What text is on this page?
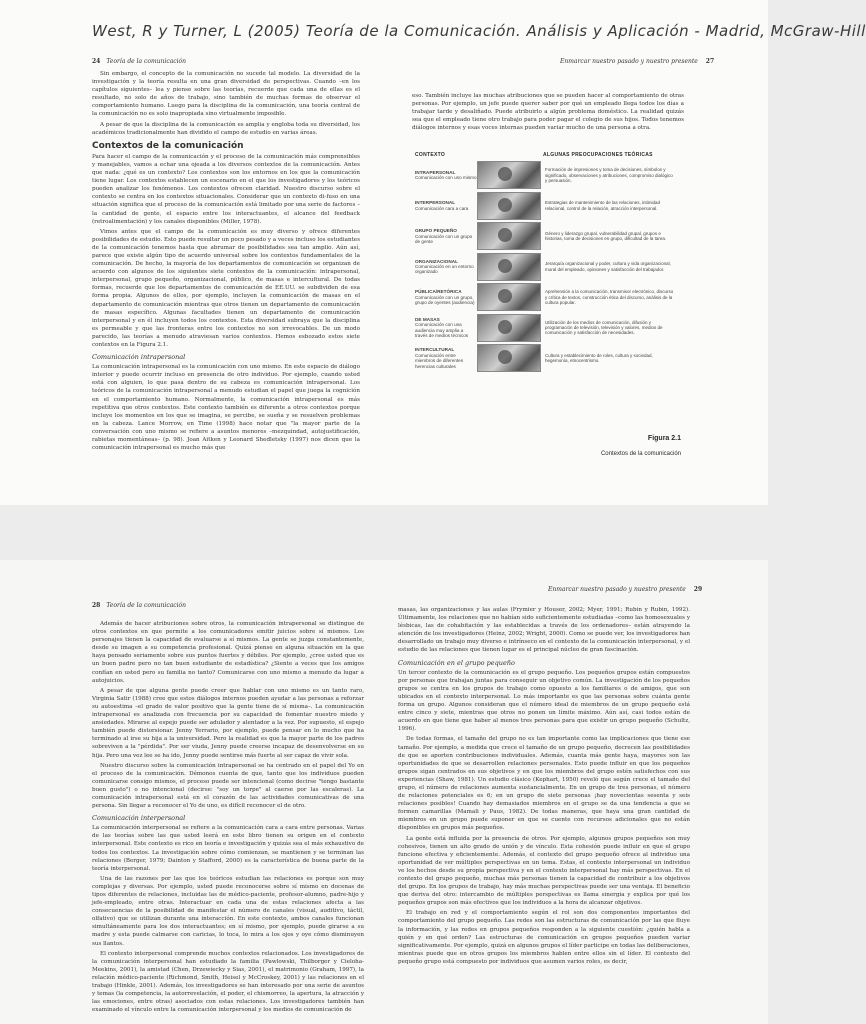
West, R y Turner, L (2005) Teoría de la Comunicación. Análisis y Aplicación - Madrid, McGraw-Hill
24 Teoría de la comunicación

Sin embargo, el concepto de la comunicación no sucede tal modelo. La diversidad de la investigación y la teoría resulta en una gran diversidad de perspectivas. Cuando –en los capítulos siguientes– lea y piense sobre las teorías, recuerde que cada una de ellas es el resultado, no solo de años de trabajo, sino también de muchas formas de observar el comportamiento humano. Luego para la disciplina de la comunicación, una teoría central de la comunicación no es solo inapropiada sino virtualmente imposible.

A pesar de que la disciplina de la comunicación es amplia y engloba toda su diversidad, los académicos tradicionalmente han dividido el campo de estudio en varias áreas.

Contextos de la comunicación

Para hacer el campo de la comunicación y el proceso de la comunicación más comprensibles y manejables, vamos a echar una ojeada a los diversos contextos de la comunicación. Antes que nada: ¿qué es un contexto? Los contextos son los entornos en los que la comunicación tiene lugar. Los contextos establecen un escenario en el que los investigadores y los teóricos pueden analizar los fenómenos. Los contextos ofrecen claridad. Nuestro discurso sobre el contexto se centra en los contextos situacionales. Considerar que un contexto di-fuso en una situación significa que el proceso de la comunicación está limitado por una serie de factores –la cantidad de gente, el espacio entre los interactuantes, el alcance del feedback (retroalimentación) y los canales disponibles (Miller, 1978).

Vimos antes que el campo de la comunicación es muy diverso y ofrece diferentes posibilidades de estudio. Esto puede resultar un poco pesado y a veces incluso los estudiantes de la comunicación tenemos hasta que abrumar de posibilidades sea tan amplio. Aún así, parece que existe algún tipo de acuerdo universal sobre los contextos fundamentales de la comunicación. De hecho, la mayoría de los departamentos de comunicación se organizan de acuerdo con algunos de los siguientes siete contextos de la comunicación: intrapersonal, interpersonal, grupo pequeño, organizacional, público, de masas e intercultural. De todas formas, recuerde que los departamentos de comunicación de EE.UU. se subdividen de esa forma propia. Algunos de ellos, por ejemplo, incluyen la comunicación de masas en el departamento de comunicación mientras que otros tienen un departamento de comunicación de masas específico. Algunas facultades tienen un departamento de comunicación interpersonal y en él incluyen todos los contextos. Esta diversidad subraya que la disciplina es permeable y que las fronteras entre los contextos no son irrevocables. De un modo parecido, las teorías a menudo atraviesan varios contextos. Hemos esbozado estos siete contextos en la Figura 2.1.

Comunicación intrapersonal

La comunicación intrapersonal es la comunicación con uno mismo. En este espacio de diálogo interior y puede ocurrir incluso en presencia de otro individuo. Por ejemplo, cuando usted está con alguien, lo que pasa dentro de su cabeza es comunicación intrapersonal. Los teóricos de la comunicación intrapersonal a menudo estudian el papel que juega la cognición en el comportamiento humano. Normalmente, la comunicación intrapersonal es más repetitiva que otros contextos. Este contexto también es diferente a otros contextos porque incluye los momentos en los que se imagina, se percibe, se sueña y se resuelven problemas en la cabeza. Lance Morrow, en Time (1998) hace notar que "la mayor parte de la conversación con uno mismo se refiere a asuntos menores –mezquindad, autojustificación, rabietas momentáneas– (p. 98). Joan Aitken y Leonard Shedletsky (1997) nos dicen que la comunicación intrapersonal es mucho más que

Enmarcar nuestro pasado y nuestro presente 27

eso. También incluye las muchas atribuciones que se pueden hacer al comportamiento de otras personas. Por ejemplo, un jefe puede querer saber por qué un empleado llega todos los días a trabajar tarde y desaliñado. Puede atribuirlo a algún problema doméstico. La realidad quizás sea que el empleado tiene otro trabajo para poder pagar el colegio de sus hijos. Todos tenemos diálogos internos y esas voces internas pueden variar mucho de una persona a otra.

CONTEXTO	ALGUNAS PREOCUPACIONES TEÓRICAS
INTRAPERSONAL
Comunicación con uno mismo
Formación de impresiones y toma de decisiones, símbolos y significado, observaciones y atribuciones, compromiso dialógico y persuasión.
INTERPERSONAL
Comunicación cara a cara
Estrategias de mantenimiento de las relaciones, intimidad relacional, control de la relación, atracción interpersonal.
GRUPO PEQUEÑO
Comunicación con un grupo de gente
Género y liderazgo grupal, vulnerabilidad grupal, grupos e historias, toma de decisiones en grupo, dificultad de la tarea.
ORGANIZACIONAL
Comunicación en un entorno organizado
Jerarquía organizacional y poder, cultura y vida organizacional, moral del empleado, opiniones y satisfacción del trabajador.
PÚBLICA/RETÓRICA
Comunicación con un grupo, grupo de oyentes (audiencia)
Aprehensión a la comunicación, transmisor electrónico, discurso y crítica de textos, construcción ética del discurso, análisis de la cultura popular.
DE MASAS
Comunicación con una audiencia muy amplia a través de medios técnicos
Utilización de los medios de comunicación, difusión y programación de televisión, televisión y valores, medios de comunicación y satisfacción de necesidades.
INTERCULTURAL
Comunicación entre miembros de diferentes herencias culturales
Cultura y establecimiento de roles, cultura y sociedad, hegemonía, etnocentrismo.
Figura 2.1
Contextos de la comunicación
28 Teoría de la comunicación

Además de hacer atribuciones sobre otros, la comunicación intrapersonal se distingue de otros contextos en que permite a los comunicadores emitir juicios sobre sí mismos. Los personajes tienen la capacidad de evaluarse a sí mismos. La gente se juzga constantemente, desde su imagen a su competencia profesional. Quizá piense en alguna situación en la que haya pensado seriamente sobre sus puntos fuertes y débiles. Por ejemplo, ¿cree usted que es un buen padre pero no tan buen estudiante de estadística? ¿Siente a veces que los amigos confían en usted pero su familia no tanto? Comunicarse con uno mismo a menudo da lugar a autojuicios.

A pesar de que alguna gente puede creer que hablar con uno mismo es un tanto raro, Virginia Satir (1988) cree que estos diálogos internos pueden ayudar a las personas a reforzar su autoestima –el grado de valor positivo que la gente tiene de sí misma–. La comunicación intrapersonal es analizada con frecuencia por su capacidad de fomentar nuestro miedo y ansiedades. Mirarse al espejo puede ser adulador y alentador a la vez. Por supuesto, el espejo también puede distorsionar. Jenny Yerrario, por ejemplo, puede pensar en lo mucho que ha terminado al irse su hija a la universidad. Pero la realidad es que la mayor parte de los padres sobreviven a la "pérdida". Por ser viuda, Jenny puede creerse incapaz de desenvolverse en su hija. Pero una vez lee se ha ido, Jenny puede sentirse más fuerte al ser capaz de vivir sola.

Nuestro discurso sobre la comunicación intrapersonal se ha centrado en el papel del Yo en el proceso de la comunicación. Démonos cuenta de que, tanto que los individuos pueden comunicarse consigo mismos, el proceso puede ser intencional (como decirse "tengo bastante buen gusto") o no intencional (decirse: "soy un torpe" al caerse por las escaleras). La comunicación intrapersonal está en el corazón de las actividades comunicativas de una persona. Sin llegar a reconocer el Yo de uno, es difícil reconocer el de otro.

Comunicación interpersonal

La comunicación interpersonal se refiere a la comunicación cara a cara entre personas. Varias de las teorías sobre las que usted leerá en este libro tienen su origen en el contexto interpersonal. Este contexto es rico en teoría e investigación y quizás sea el más exhaustivo de todos los contextos. La investigación sobre cómo comienzan, se mantienen y se terminan las relaciones (Berger, 1979; Dainton y Stafford, 2000) es la característica de buena parte de la teoría interpersonal.

Una de las razones por las que los teóricos estudian las relaciones es porque son muy complejas y diversas. Por ejemplo, usted puede reconocerse sobre sí mismo en docenas de tipos diferentes de relaciones, incluidas las de médico-paciente, profesor-alumno, padre-hijo y jefe-empleado, entre otras. Interactuar en cada una de estas relaciones afecta a las consecuencias de la posibilidad de manifestar el número de canales (visual, auditivo, táctil, olfativo) que se utilizan durante una interacción. En este contexto, ambos canales funcionan simultáneamente para los dos interactuantes; en sí mismo, por ejemplo, puede girarse a su madre y esta puede calmarse con caricias, lo toca, lo mira a los ojos y oye cómo disminuyen sus llantos.

El contexto interpersonal comprende muchos contextos relacionados. Los investigadores de la comunicación interpersonal han estudiado la familia (Pawlowski, Thilborger y Cieloha-Meekins, 2001), la amistad (Chen, Drzewiecky y Sias, 2001), el matrimonio (Graham, 1997), la relación médico-paciente (Richmond, Smith, Heisel y McCroskey, 2001) y las relaciones en el trabajo (Hinkle, 2001). Además, los investigadores se han interesado por una serie de asuntos y temas (la competencia, la autorrevelación, el poder, el chismorreo, la apertura, la atracción y las emociones, entre otras) asociados con estas relaciones. Los investigadores también han examinado el vínculo entre la comunicación interpersonal y los medios de comunicación de

Enmarcar nuestro pasado y nuestro presente 29

masas, las organizaciones y las aulas (Frymier y Houser, 2002; Myer, 1991; Rubin y Rubin, 1992). Últimamente, los relaciones que no habían sido suficientemente estudiadas –como las homosexuales y lésbicas, las de cohabitación y las establecidas a través de los ordenadores– están atrayendo la atención de los investigadores (Heinz, 2002; Wright, 2000). Como se puede ver, los investigadores han desarrollado un trabajo muy diverso e intrínseco en el contexto de la comunicación interpersonal, y el estudio de las relaciones que tienen lugar es el principal núcleo de gran fascinación.

Comunicación en el grupo pequeño

Un tercer contexto de la comunicación es el grupo pequeño. Los pequeños grupos están compuestos por personas que trabajan juntas para conseguir un objetivo común. La investigación de los pequeños grupos se centra en los grupos de trabajo como opuesto a los familiares o de amigos, que son ubicados en el contexto interpersonal. Lo más importante es que las personas sobre cuánta gente forma un grupo. Algunos consideran que el número ideal de miembros de un grupo pequeño está entre cinco y siete, mientras que otros no ponen un límite máximo. Aún así, casi todos están de acuerdo en que tiene que haber al menos tres personas para que existir un grupo pequeño (Schultz, 1996).

De todas formas, el tamaño del grupo no es tan importante como las implicaciones que tiene ese tamaño. Por ejemplo, a medida que crece el tamaño de un grupo pequeño, decrecen las posibilidades de que se aporten contribuciones individuales. Además, cuanta más gente haya, mayores son las oportunidades de que se desarrollen relaciones personales. Esto puede influir en que los pequeños grupos sigan centrados en sus objetivos y en que los miembros del grupo estén satisfechos con sus experiencias (Shaw, 1981). Un estudio clásico (Kephart, 1950) reveló que según crece el tamaño del grupo, el número de relaciones aumenta sustancialmente. En un grupo de tres personas, el número de relaciones potenciales es 6; en un grupo de siete personas ¡hay novecientas sesenta y seis relaciones posibles! Cuando hay demasiados miembros en el grupo se da una tendencia a que se formen camarillas (Mamali y Paus, 1982). De todas maneras, que haya una gran cantidad de miembros en un grupo puede suponer en que se cuente con recursos adicionales que no están disponibles en grupos más pequeños.

La gente está influida por la presencia de otros. Por ejemplo, algunos grupos pequeños son muy cohesivos, tienen un alto grado de unión y de vínculo. Esta cohesión puede influir en que el grupo funcione efectiva y eficientemente. Además, el contexto del grupo pequeño ofrece al individuo una oportunidad de ver múltiples perspectivas en un tema. Estas, el contexto interpersonal un individuo ve los hechos desde su propia perspectiva y en el contexto interpersonal hay más perspectivas. En el contexto del grupo pequeño, muchas más personas tienen la capacidad de contribuir a los objetivos del grupo. En los grupos de trabajo, hay más muchas perspectivas puede ser una ventaja. El beneficio que deriva del otro: intercambio de múltiples perspectivas es llama sinergia y explica por qué los pequeños grupos son más efectivos que los individuos a la hora de alcanzar objetivos.

El trabajo en red y el comportamiento según el rol son dos componentes importantes del comportamiento del grupo pequeño. Las redes son las estructuras de comunicación por las que fluye la información, y las redes en grupos pequeños responden a la siguiente cuestión: ¿quién habla a quién y en qué orden? Las estructuras de comunicación en grupos pequeños pueden variar significativamente. Por ejemplo, quizá en algunos grupos el líder participe en todas las deliberaciones, mientras puede que en otros grupos los miembros hablen entre ellos sin el líder. El contexto del pequeño grupo está compuesto por individuos que asumen varios roles, es decir,
